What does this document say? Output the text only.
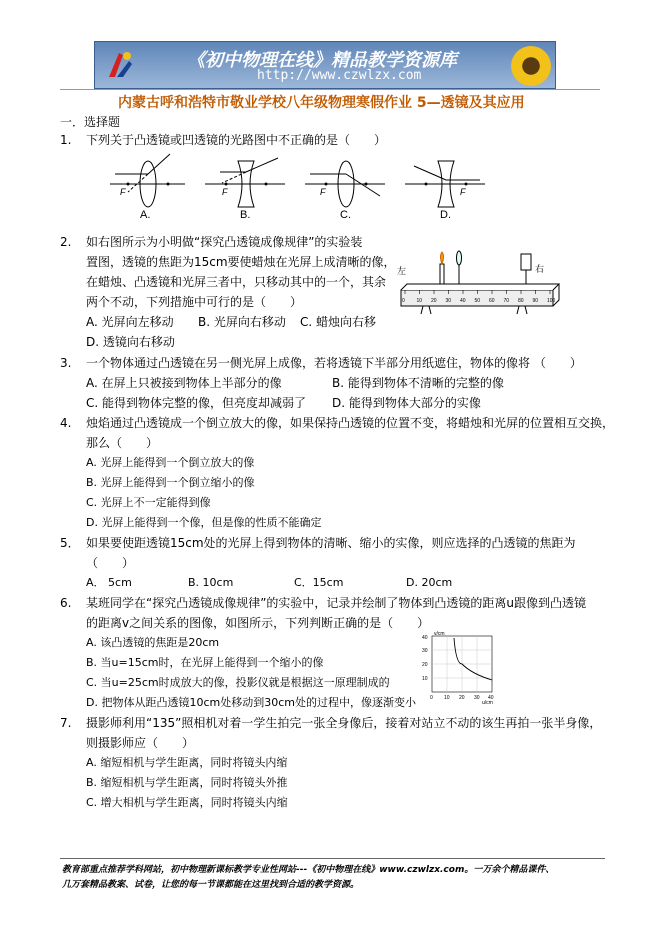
《初中物理在线》精品教学资源库
http://www.czwlzx.com
内蒙古呼和浩特市敬业学校八年级物理寒假作业 5—透镜及其应用
一．选择题
1. 下列关于凸透镜或凹透镜的光路图中不正确的是（　　）
F
A.
F
B.
F
C.
F
D.
2. 如右图所示为小明做“探究凸透镜成像规律”的实验装
置图，透镜的焦距为15cm要使蜡烛在光屏上成清晰的像，
在蜡烛、凸透镜和光屏三者中，只移动其中的一个，其余
两个不动，下列措施中可行的是（　　）
A. 光屏向左移动 B. 光屏向右移动 C. 蜡烛向右移
D. 透镜向右移动
左	右
0 10 20 30 40 50 60 70 80 90 100
3. 一个物体通过凸透镜在另一侧光屏上成像，若将透镜下半部分用纸遮住，物体的像将 （　　）
A. 在屏上只被接到物体上半部分的像	B. 能得到物体不清晰的完整的像
C. 能得到物体完整的像，但亮度却减弱了 D. 能得到物体大部分的实像
4. 烛焰通过凸透镜成一个倒立放大的像，如果保持凸透镜的位置不变，将蜡烛和光屏的位置相互交换，
那么（　　）
A. 光屏上能得到一个倒立放大的像
B. 光屏上能得到一个倒立缩小的像
C. 光屏上不一定能得到像
D. 光屏上能得到一个像，但是像的性质不能确定
5． 如果要使距透镜15cm处的光屏上得到物体的清晰、缩小的实像，则应选择的凸透镜的焦距为
（　　）
A． 5cm	B. 10cm	C．15cm	D. 20cm
6. 某班同学在“探究凸透镜成像规律”的实验中，记录并绘制了物体到凸透镜的距离u跟像到凸透镜
的距离v之间关系的图像，如图所示，下列判断正确的是（　　）
A. 该凸透镜的焦距是20cm
B. 当u=15cm时，在光屏上能得到一个缩小的像
C. 当u=25cm时成放大的像，投影仪就是根据这一原理制成的
D. 把物体从距凸透镜10cm处移动到30cm处的过程中，像逐渐变小
v/cm
u/cm
40
30
20
10
0 10 20 30 40
7. 摄影师利用“135”照相机对着一学生拍完一张全身像后，接着对站立不动的该生再拍一张半身像，
则摄影师应（　　）
A. 缩短相机与学生距离，同时将镜头内缩
B. 缩短相机与学生距离，同时将镜头外推
C. 增大相机与学生距离，同时将镜头内缩
教育部重点推荐学科网站，初中物理新课标教学专业性网站---《初中物理在线》www.czwlzx.com。一万余个精品课件、
几万套精品教案、试卷，让您的每一节课都能在这里找到合适的教学资源。
